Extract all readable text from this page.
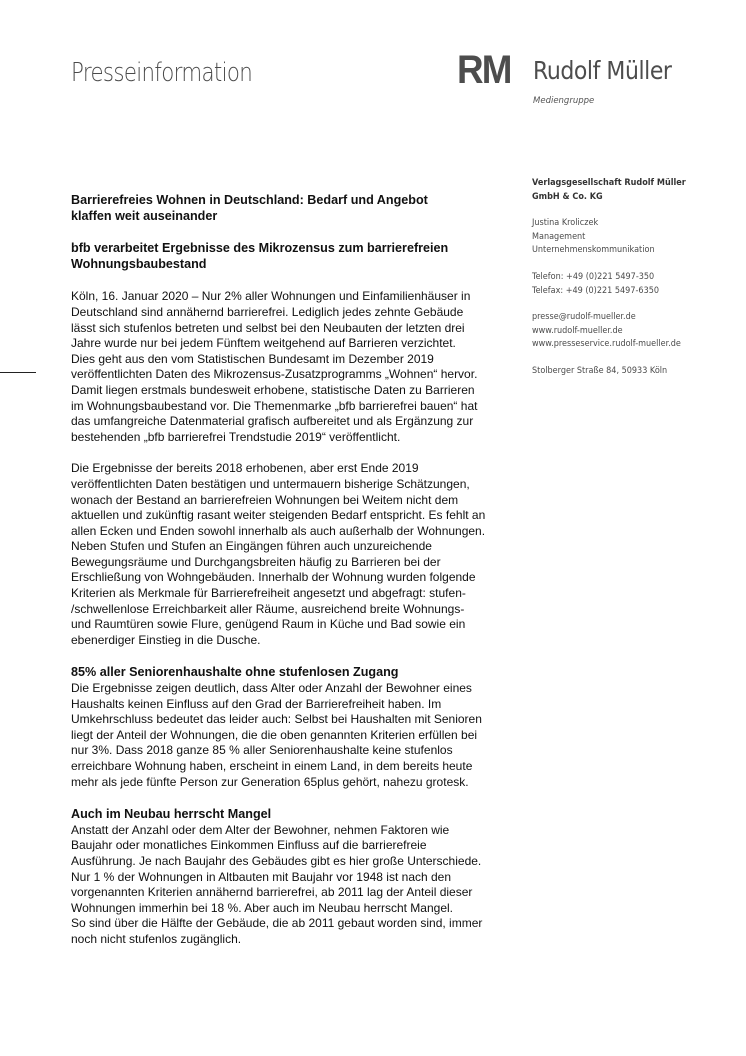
Presseinformation	RM Rudolf Müller
Mediengruppe
Verlagsgesellschaft Rudolf Müller
GmbH & Co. KG
Justina Kroliczek
Management
Unternehmenskommunikation
Telefon: +49 (0)221 5497-350
Telefax: +49 (0)221 5497-6350
presse@rudolf-mueller.de
www.rudolf-mueller.de
www.presseservice.rudolf-mueller.de
Stolberger Straße 84, 50933 Köln
Barrierefreies Wohnen in Deutschland: Bedarf und Angebot
klaffen weit auseinander
bfb verarbeitet Ergebnisse des Mikrozensus zum barrierefreien
Wohnungsbaubestand

Köln, 16. Januar 2020 – Nur 2% aller Wohnungen und Einfamilienhäuser in
Deutschland sind annähernd barrierefrei. Lediglich jedes zehnte Gebäude
lässt sich stufenlos betreten und selbst bei den Neubauten der letzten drei
Jahre wurde nur bei jedem Fünftem weitgehend auf Barrieren verzichtet.
Dies geht aus den vom Statistischen Bundesamt im Dezember 2019
veröffentlichten Daten des Mikrozensus-Zusatzprogramms „Wohnen“ hervor.
Damit liegen erstmals bundesweit erhobene, statistische Daten zu Barrieren
im Wohnungsbaubestand vor. Die Themenmarke „bfb barrierefrei bauen“ hat
das umfangreiche Datenmaterial grafisch aufbereitet und als Ergänzung zur
bestehenden „bfb barrierefrei Trendstudie 2019“ veröffentlicht.

Die Ergebnisse der bereits 2018 erhobenen, aber erst Ende 2019
veröffentlichten Daten bestätigen und untermauern bisherige Schätzungen,
wonach der Bestand an barrierefreien Wohnungen bei Weitem nicht dem
aktuellen und zukünftig rasant weiter steigenden Bedarf entspricht. Es fehlt an
allen Ecken und Enden sowohl innerhalb als auch außerhalb der Wohnungen.
Neben Stufen und Stufen an Eingängen führen auch unzureichende
Bewegungsräume und Durchgangsbreiten häufig zu Barrieren bei der
Erschließung von Wohngebäuden. Innerhalb der Wohnung wurden folgende
Kriterien als Merkmale für Barrierefreiheit angesetzt und abgefragt: stufen-
/schwellenlose Erreichbarkeit aller Räume, ausreichend breite Wohnungs-
und Raumtüren sowie Flure, genügend Raum in Küche und Bad sowie ein
ebenerdiger Einstieg in die Dusche.

85% aller Seniorenhaushalte ohne stufenlosen Zugang

Die Ergebnisse zeigen deutlich, dass Alter oder Anzahl der Bewohner eines
Haushalts keinen Einfluss auf den Grad der Barrierefreiheit haben. Im
Umkehrschluss bedeutet das leider auch: Selbst bei Haushalten mit Senioren
liegt der Anteil der Wohnungen, die die oben genannten Kriterien erfüllen bei
nur 3%. Dass 2018 ganze 85 % aller Seniorenhaushalte keine stufenlos
erreichbare Wohnung haben, erscheint in einem Land, in dem bereits heute
mehr als jede fünfte Person zur Generation 65plus gehört, nahezu grotesk.

Auch im Neubau herrscht Mangel

Anstatt der Anzahl oder dem Alter der Bewohner, nehmen Faktoren wie
Baujahr oder monatliches Einkommen Einfluss auf die barrierefreie
Ausführung. Je nach Baujahr des Gebäudes gibt es hier große Unterschiede.
Nur 1 % der Wohnungen in Altbauten mit Baujahr vor 1948 ist nach den
vorgenannten Kriterien annähernd barrierefrei, ab 2011 lag der Anteil dieser
Wohnungen immerhin bei 18 %. Aber auch im Neubau herrscht Mangel.
So sind über die Hälfte der Gebäude, die ab 2011 gebaut worden sind, immer
noch nicht stufenlos zugänglich.
